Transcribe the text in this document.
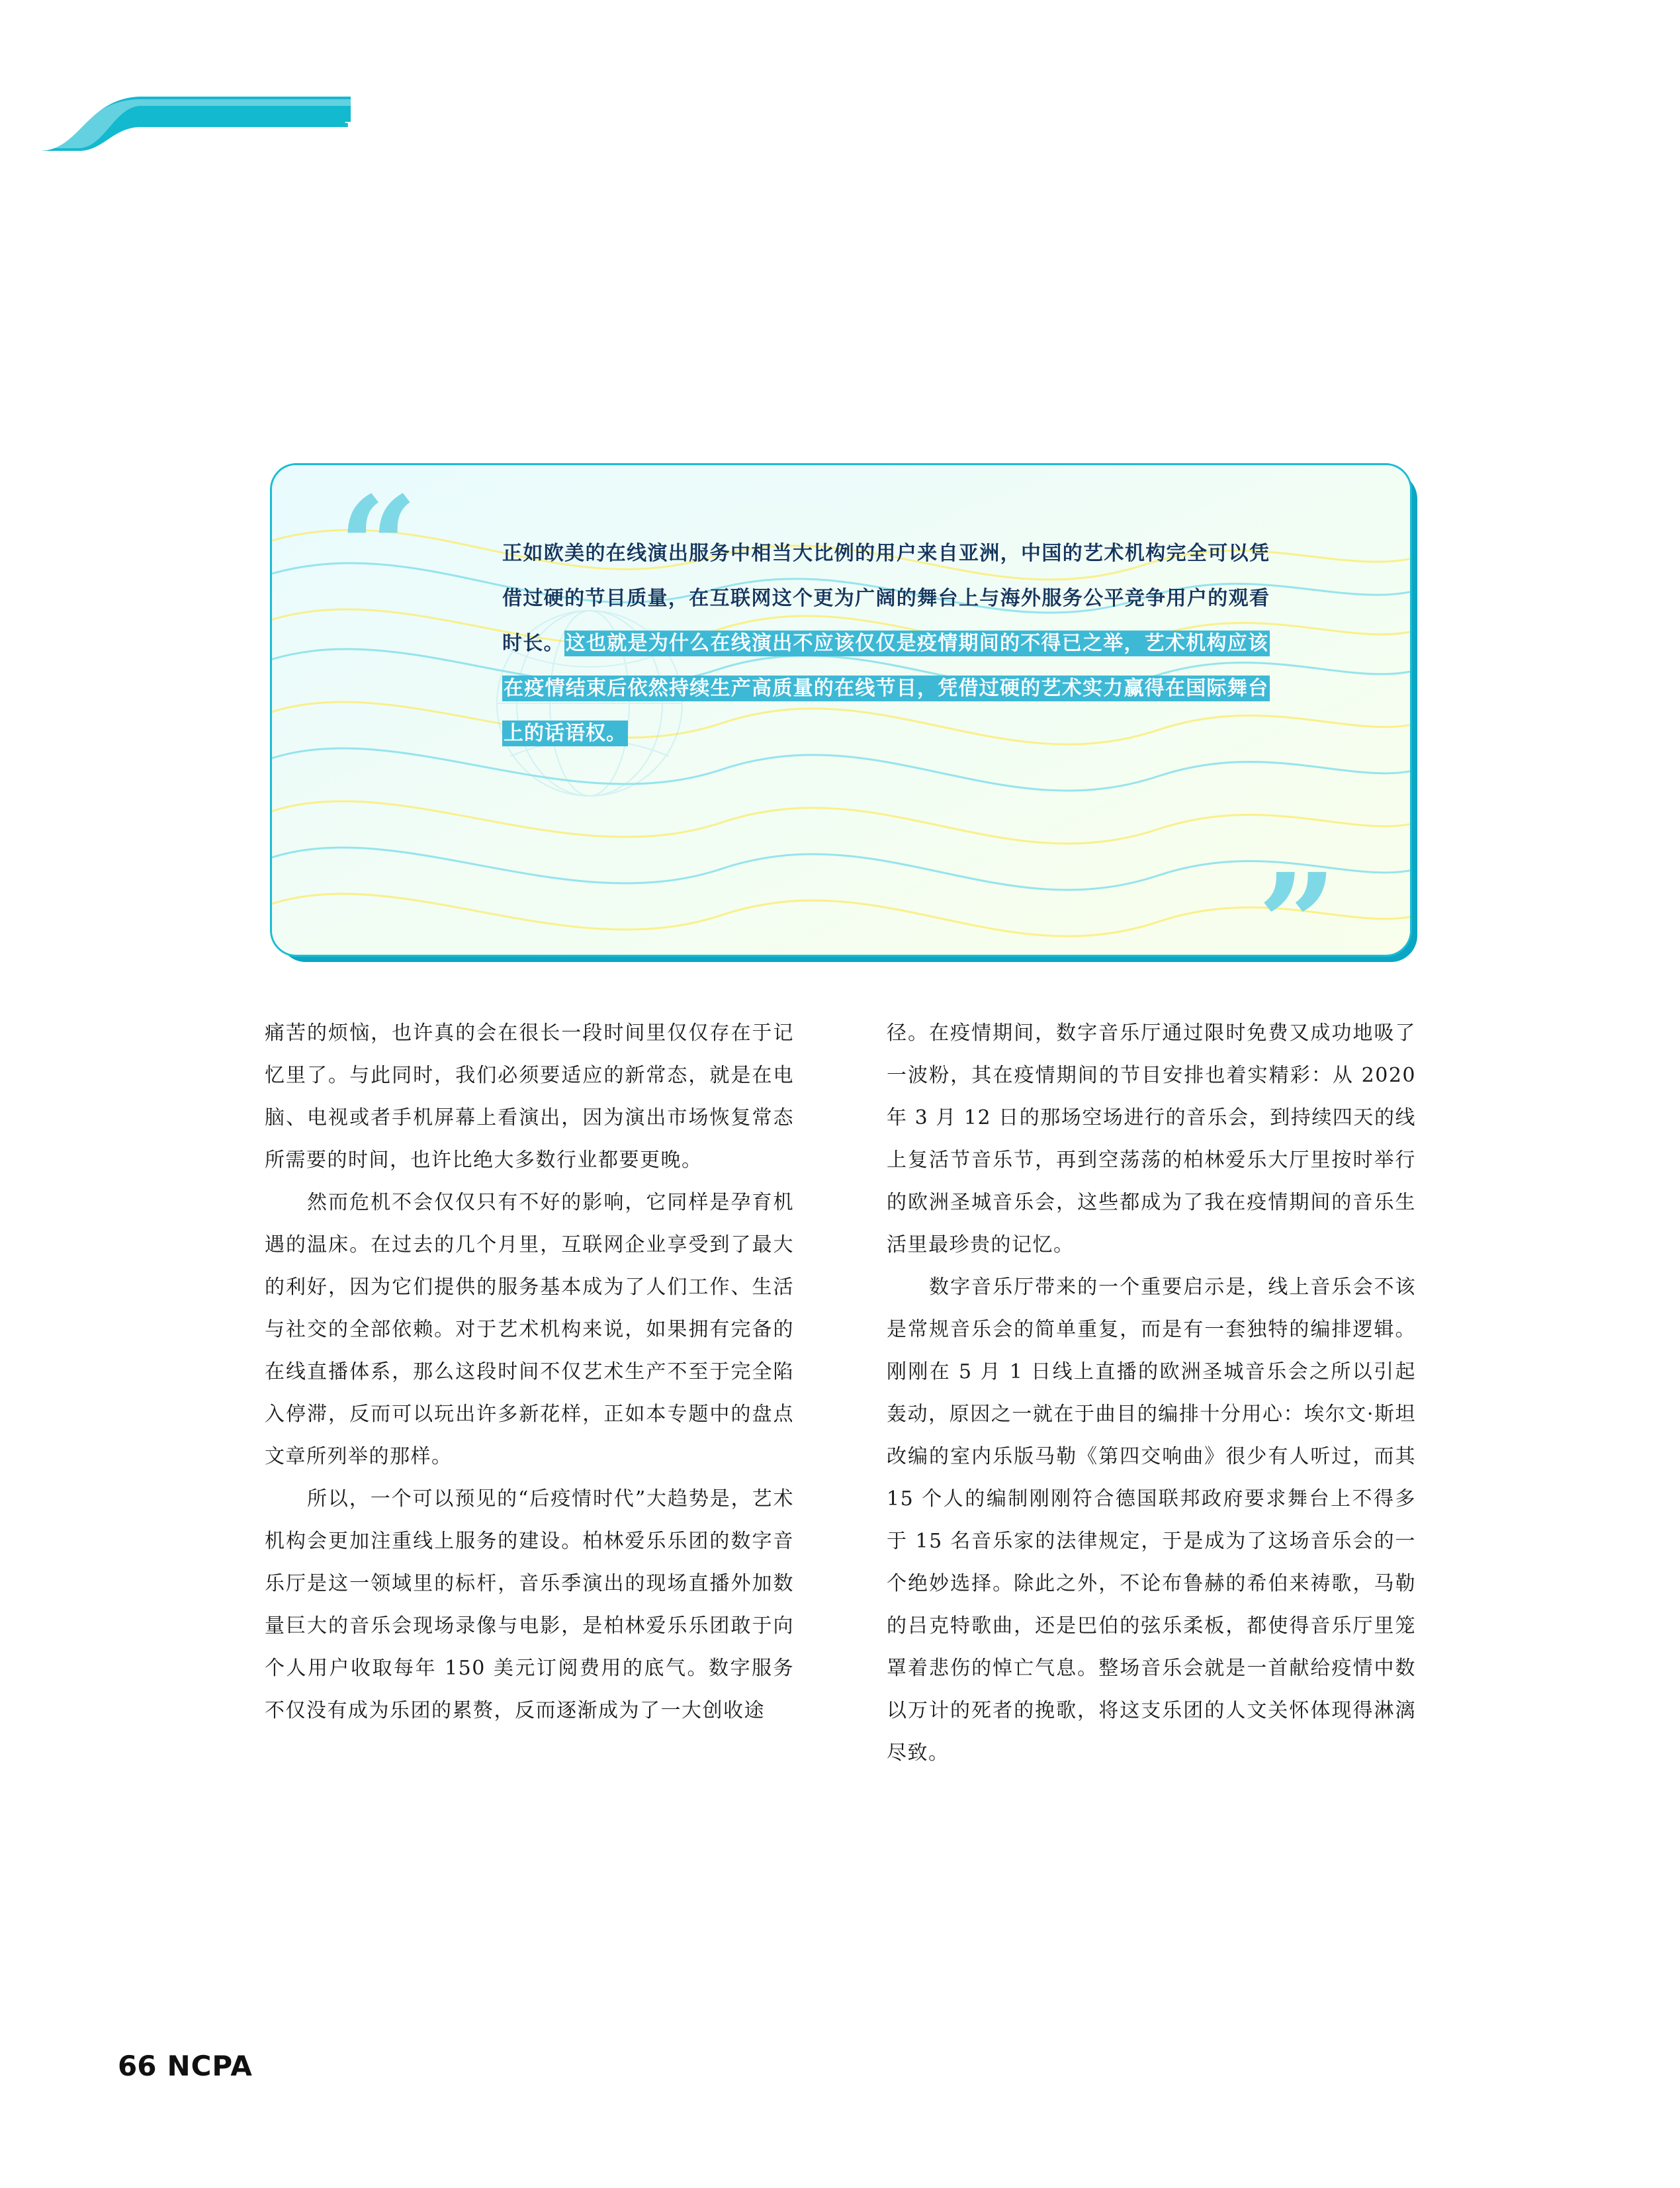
焦点 FOCUS
“
”
正如欧美的在线演出服务中相当大比例的用户来自亚洲，中国的艺术机构完全可以凭借过硬的节目质量，在互联网这个更为广阔的舞台上与海外服务公平竞争用户的观看时长。这也就是为什么在线演出不应该仅仅是疫情期间的不得已之举，艺术机构应该在疫情结束后依然持续生产高质量的在线节目，凭借过硬的艺术实力赢得在国际舞台上的话语权。

痛苦的烦恼，也许真的会在很长一段时间里仅仅存在于记忆里了。与此同时，我们必须要适应的新常态，就是在电脑、电视或者手机屏幕上看演出，因为演出市场恢复常态所需要的时间，也许比绝大多数行业都要更晚。

然而危机不会仅仅只有不好的影响，它同样是孕育机遇的温床。在过去的几个月里，互联网企业享受到了最大的利好，因为它们提供的服务基本成为了人们工作、生活与社交的全部依赖。对于艺术机构来说，如果拥有完备的在线直播体系，那么这段时间不仅艺术生产不至于完全陷入停滞，反而可以玩出许多新花样，正如本专题中的盘点文章所列举的那样。

所以，一个可以预见的“后疫情时代”大趋势是，艺术机构会更加注重线上服务的建设。柏林爱乐乐团的数字音乐厅是这一领域里的标杆，音乐季演出的现场直播外加数量巨大的音乐会现场录像与电影，是柏林爱乐乐团敢于向个人用户收取每年 150 美元订阅费用的底气。数字服务不仅没有成为乐团的累赘，反而逐渐成为了一大创收途

径。在疫情期间，数字音乐厅通过限时免费又成功地吸了一波粉，其在疫情期间的节目安排也着实精彩：从 2020 年 3 月 12 日的那场空场进行的音乐会，到持续四天的线上复活节音乐节，再到空荡荡的柏林爱乐大厅里按时举行的欧洲圣城音乐会，这些都成为了我在疫情期间的音乐生活里最珍贵的记忆。

数字音乐厅带来的一个重要启示是，线上音乐会不该是常规音乐会的简单重复，而是有一套独特的编排逻辑。刚刚在 5 月 1 日线上直播的欧洲圣城音乐会之所以引起轰动，原因之一就在于曲目的编排十分用心：埃尔文·斯坦改编的室内乐版马勒《第四交响曲》很少有人听过，而其 15 个人的编制刚刚符合德国联邦政府要求舞台上不得多于 15 名音乐家的法律规定，于是成为了这场音乐会的一个绝妙选择。除此之外，不论布鲁赫的希伯来祷歌，马勒的吕克特歌曲，还是巴伯的弦乐柔板，都使得音乐厅里笼罩着悲伤的悼亡气息。整场音乐会就是一首献给疫情中数以万计的死者的挽歌，将这支乐团的人文关怀体现得淋漓尽致。

66 NCPA
